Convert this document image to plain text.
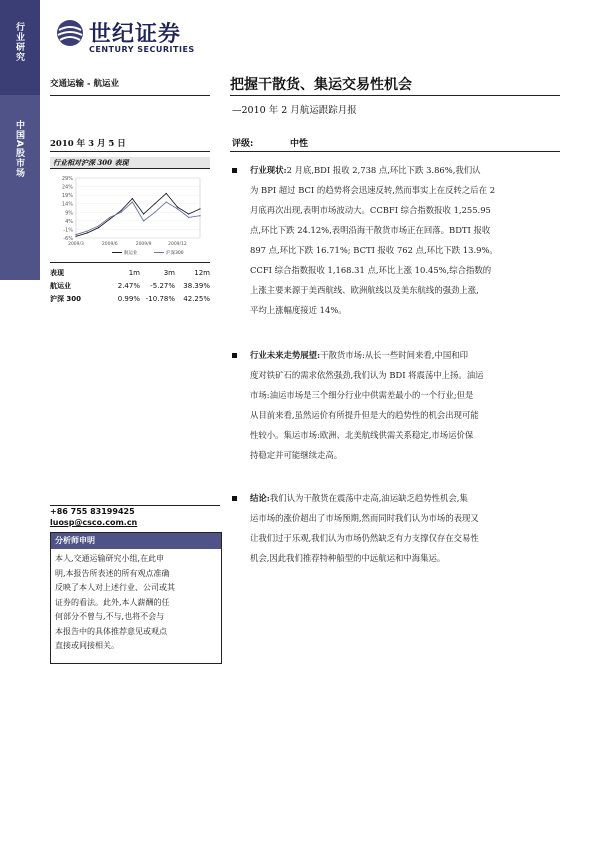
行业研究
中国A股市场
世纪证券
CENTURY SECURITIES
交通运输 - 航运业	把握干散货、集运交易性机会
—2010 年 2 月航运跟踪月报
2010 年 3 月 5 日	评级:	中性
行业相对沪深 300 表现
29%
24%
19%
14%
9%
4%
-1%
-6%
2009/3	2009/6	2009/9	2009/12
航运业	沪深300
表现	1m	3m	12m
航运业	2.47%	-5.27%	38.39%
沪深 300	0.99%	-10.78%	42.25%
+86 755 83199425
luosp@csco.com.cn
分析师申明
本人,交通运输研究小组,在此申
明,本报告所表述的所有观点准确
反映了本人对上述行业、公司或其
证券的看法。此外,本人薪酬的任
何部分不曾与,不与,也将不会与
本报告中的具体推荐意见或观点
直接或间接相关。
行业现状:2 月底,BDI 报收 2,738 点,环比下跌 3.86%,我们认
为 BPI 超过 BCI 的趋势将会迅速反转,然而事实上在反转之后在 2
月底再次出现,表明市场波动大。CCBFI 综合指数报收 1,255.95
点,环比下跌 24.12%,表明沿海干散货市场正在回落。BDTI 报收
897 点,环比下跌 16.71%; BCTI 报收 762 点,环比下跌 13.9%。
CCFI 综合指数报收 1,168.31 点,环比上涨 10.45%,综合指数的
上涨主要来源于美西航线、欧洲航线以及美东航线的强劲上涨,
平均上涨幅度接近 14%。
行业未来走势展望:干散货市场:从长一些时间来看,中国和印
度对铁矿石的需求依然强劲,我们认为 BDI 将震荡中上扬。油运
市场:油运市场是三个细分行业中供需差最小的一个行业;但是
从目前来看,虽然运价有所提升但是大的趋势性的机会出现可能
性较小。集运市场:欧洲、北美航线供需关系稳定,市场运价保
持稳定并可能继续走高。
结论:我们认为干散货在震荡中走高,油运缺乏趋势性机会,集
运市场的涨价超出了市场预期,然而同时我们认为市场的表现又
让我们过于乐观,我们认为市场仍然缺乏有力支撑仅存在交易性
机会,因此我们推荐特种船型的中远航运和中海集运。
